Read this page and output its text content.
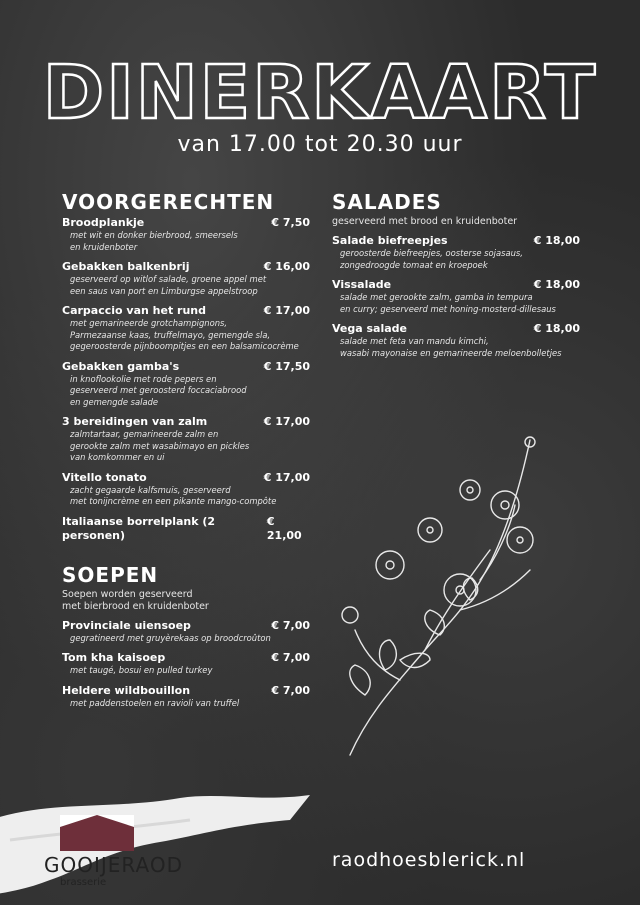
DINERKAART
van 17.00 tot 20.30 uur
VOORGERECHTEN
Broodplankje	€ 7,50
met wit en donker bierbrood, smeersels
en kruidenboter
Gebakken balkenbrij	€ 16,00
geserveerd op witlof salade, groene appel met
een saus van port en Limburgse appelstroop
Carpaccio van het rund	€ 17,00
met gemarineerde grotchampignons,
Parmezaanse kaas, truffelmayo, gemengde sla,
gegeroosterde pijnboompitjes en een balsamicocrème
Gebakken gamba's	€ 17,50
in knoflookolie met rode pepers en
geserveerd met geroosterd foccaciabrood
en gemengde salade
3 bereidingen van zalm	€ 17,00
zalmtartaar, gemarineerde zalm en
gerookte zalm met wasabimayo en pickles
van komkommer en ui
Vitello tonato	€ 17,00
zacht gegaarde kalfsmuis, geserveerd
met tonijncrème en een pikante mango-compôte
Italiaanse borrelplank (2 personen)
€ 21,00
SOEPEN
Soepen worden geserveerd
met bierbrood en kruidenboter
Provinciale uiensoep	€ 7,00
gegratineerd met gruyèrekaas op broodcroûton
Tom kha kaisoep	€ 7,00
met taugé, bosui en pulled turkey
Heldere wildbouillon	€ 7,00
met paddenstoelen en ravioli van truffel
SALADES
geserveerd met brood en kruidenboter
Salade biefreepjes	€ 18,00
geroosterde biefreepjes, oosterse sojasaus,
zongedroogde tomaat en kroepoek
Vissalade	€ 18,00
salade met gerookte zalm, gamba in tempura
en curry; geserveerd met honing-mosterd-dillesaus
Vega salade	€ 18,00
salade met feta van mandu kimchi,
wasabi mayonaise en gemarineerde meloenbolletjes
GOOIJERAOD
brasserie
raodhoesblerick.nl
